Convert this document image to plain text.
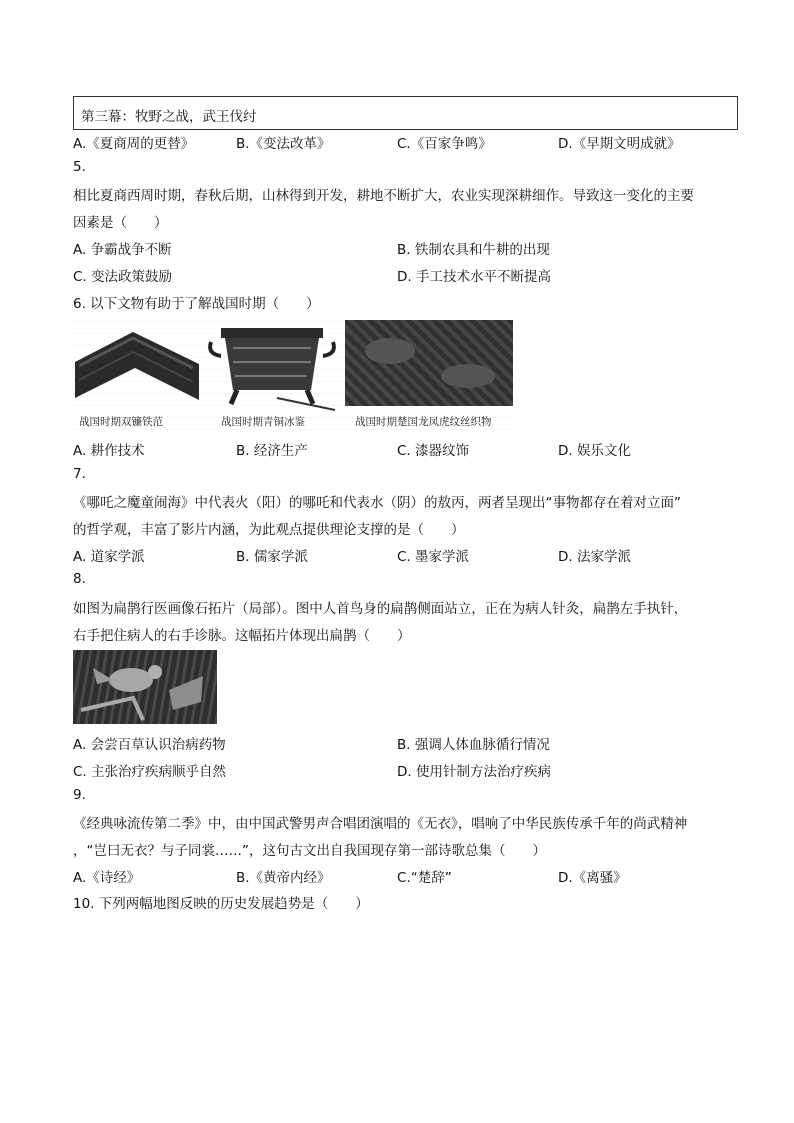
第三幕：牧野之战，武王伐纣
A.《夏商周的更替》	B.《变法改革》	C.《百家争鸣》	D.《早期文明成就》
5.
相比夏商西周时期，春秋后期，山林得到开发，耕地不断扩大，农业实现深耕细作。导致这一变化的主要
因素是（　　）
A. 争霸战争不断	B. 铁制农具和牛耕的出现
C. 变法政策鼓励	D. 手工技术水平不断提高
6. 以下文物有助于了解战国时期（　　）
战国时期双镰铁范	战国时期青铜冰鉴	战国时期楚国龙凤虎纹丝织物
A. 耕作技术	B. 经济生产	C. 漆器纹饰	D. 娱乐文化
7.
《哪吒之魔童闹海》中代表火（阳）的哪吒和代表水（阴）的敖丙，两者呈现出“事物都存在着对立面”
的哲学观，丰富了影片内涵，为此观点提供理论支撑的是（　　）
A. 道家学派	B. 儒家学派	C. 墨家学派	D. 法家学派
8.
如图为扁鹊行医画像石拓片（局部）。图中人首鸟身的扁鹊侧面站立，正在为病人针灸，扁鹊左手执针，
右手把住病人的右手诊脉。这幅拓片体现出扁鹊（　　）
A. 会尝百草认识治病药物	B. 强调人体血脉循行情况
C. 主张治疗疾病顺乎自然	D. 使用针制方法治疗疾病
9.
《经典咏流传第二季》中，由中国武警男声合唱团演唱的《无衣》，唱响了中华民族传承千年的尚武精神
，“岂曰无衣？与子同裳……”，这句古文出自我国现存第一部诗歌总集（　　）
A.《诗经》	B.《黄帝内经》	C.“楚辞”	D.《离骚》
10. 下列两幅地图反映的历史发展趋势是（　　）
